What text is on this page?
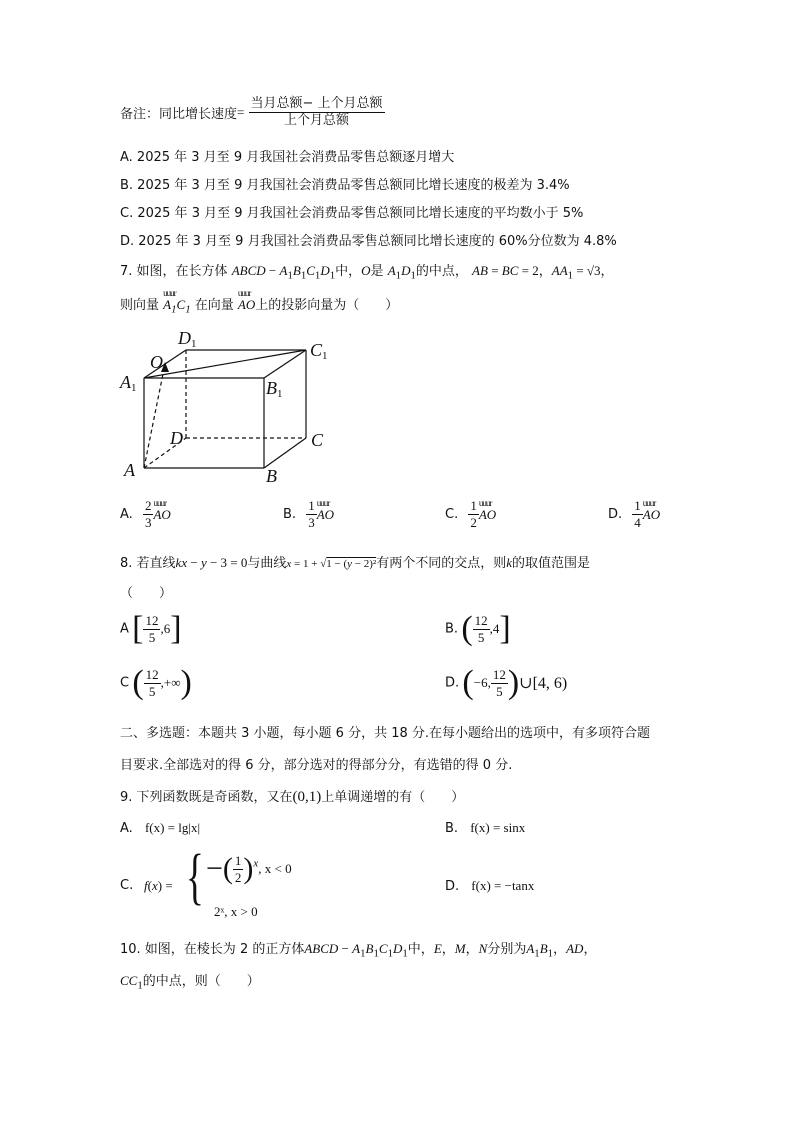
备注：同比增长速度= $\frac{\text{当月总额− 上个月总额}}{\text{上个月总额}}$
A. 2025 年 3 月至 9 月我国社会消费品零售总额逐月增大
B. 2025 年 3 月至 9 月我国社会消费品零售总额同比增长速度的极差为 3.4%
C. 2025 年 3 月至 9 月我国社会消费品零售总额同比增长速度的平均数小于 5%
D. 2025 年 3 月至 9 月我国社会消费品零售总额同比增长速度的 60%分位数为 4.8%
7. 如图，在长方体 ABCD − $A_1B_1C_1D_1$中，O是 $A_1D_1$的中点， AB = BC = 2，$AA_1 = √3$，
则向量 uuur $A_1C_1$ 在向量 uuur AO上的投影向量为（　　）
D1	C1
O
A1	B1
D	C
A	B
A. $\frac{2}{3}$ uuur AO	B. $\frac{1}{3}$ uuur AO	C. $\frac{1}{2}$ uuur AO	D. $\frac{1}{4}$ uuur AO
8. 若直线kx − y − 3 = 0与曲线x = 1 + √1 − (y − 2)²有两个不同的交点，则k的取值范围是
（　　）
A [ $\frac{12}{5} ,6$]	B. ( $\frac{12}{5} ,4$]
C ( $\frac{12}{5}$ ,+∞)	D. (−6, $\frac{12}{5}$ )∪[4, 6)
二、多选题：本题共 3 小题，每小题 6 分，共 18 分.在每小题给出的选项中，有多项符合题
目要求.全部选对的得 6 分，部分选对的得部分分，有选错的得 0 分.
9. 下列函数既是奇函数，又在(0,1)上单调递增的有（　　）
A. f(x) = lg|x|	B. f(x) = sinx
C. f(x) = { −( $\frac{1}{2} )^x$, x < 0
2ˣ, x > 0
D. f(x) = −tanx
10. 如图，在棱长为 2 的正方体ABCD − $A_1B_1C_1D_1$中，E，M，N分别为$A_1B_1$，AD，
$CC_1$的中点，则（　　）
